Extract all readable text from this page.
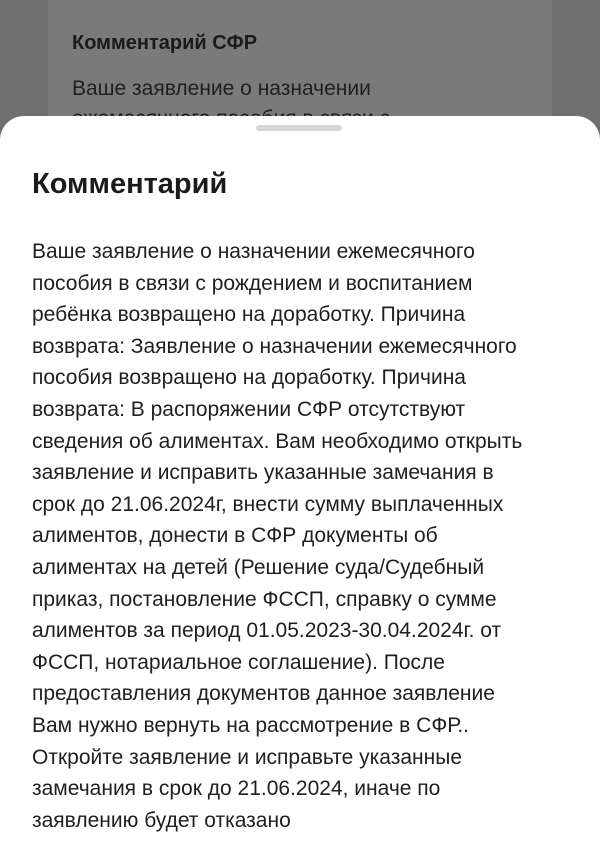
Комментарий СФР
Ваше заявление о назначении
Комментарий

Ваше заявление о назначении ежемесячного
пособия в связи с рождением и воспитанием
ребёнка возвращено на доработку. Причина
возврата: Заявление о назначении ежемесячного
пособия возвращено на доработку. Причина
возврата: В распоряжении СФР отсутствуют
сведения об алиментах. Вам необходимо открыть
заявление и исправить указанные замечания в
срок до 21.06.2024г, внести сумму выплаченных
алиментов, донести в СФР документы об
алиментах на детей (Решение суда/Судебный
приказ, постановление ФССП, справку о сумме
алиментов за период 01.05.2023-30.04.2024г. от
ФССП, нотариальное соглашение). После
предоставления документов данное заявление
Вам нужно вернуть на рассмотрение в СФР..
Откройте заявление и исправьте указанные
замечания в срок до 21.06.2024, иначе по
заявлению будет отказано
